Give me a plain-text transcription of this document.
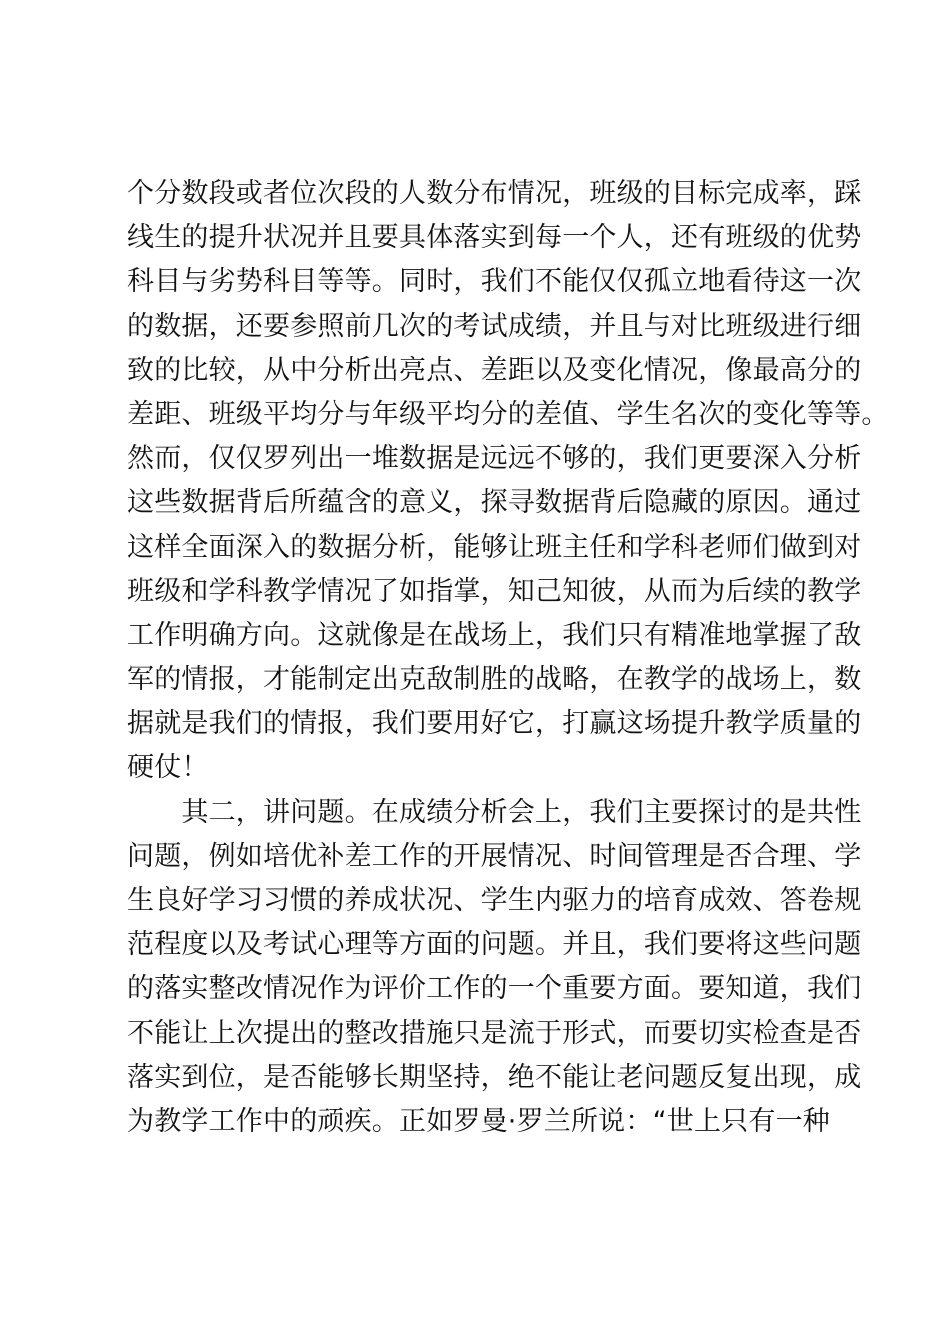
个分数段或者位次段的人数分布情况，班级的目标完成率，踩
线生的提升状况并且要具体落实到每一个人，还有班级的优势
科目与劣势科目等等。同时，我们不能仅仅孤立地看待这一次
的数据，还要参照前几次的考试成绩，并且与对比班级进行细
致的比较，从中分析出亮点、差距以及变化情况，像最高分的
差距、班级平均分与年级平均分的差值、学生名次的变化等等。
然而，仅仅罗列出一堆数据是远远不够的，我们更要深入分析
这些数据背后所蕴含的意义，探寻数据背后隐藏的原因。通过
这样全面深入的数据分析，能够让班主任和学科老师们做到对
班级和学科教学情况了如指掌，知己知彼，从而为后续的教学
工作明确方向。这就像是在战场上，我们只有精准地掌握了敌
军的情报，才能制定出克敌制胜的战略，在教学的战场上，数
据就是我们的情报，我们要用好它，打赢这场提升教学质量的
硬仗！
　　其二，讲问题。在成绩分析会上，我们主要探讨的是共性
问题，例如培优补差工作的开展情况、时间管理是否合理、学
生良好学习习惯的养成状况、学生内驱力的培育成效、答卷规
范程度以及考试心理等方面的问题。并且，我们要将这些问题
的落实整改情况作为评价工作的一个重要方面。要知道，我们
不能让上次提出的整改措施只是流于形式，而要切实检查是否
落实到位，是否能够长期坚持，绝不能让老问题反复出现，成
为教学工作中的顽疾。正如罗曼·罗兰所说：“世上只有一种
